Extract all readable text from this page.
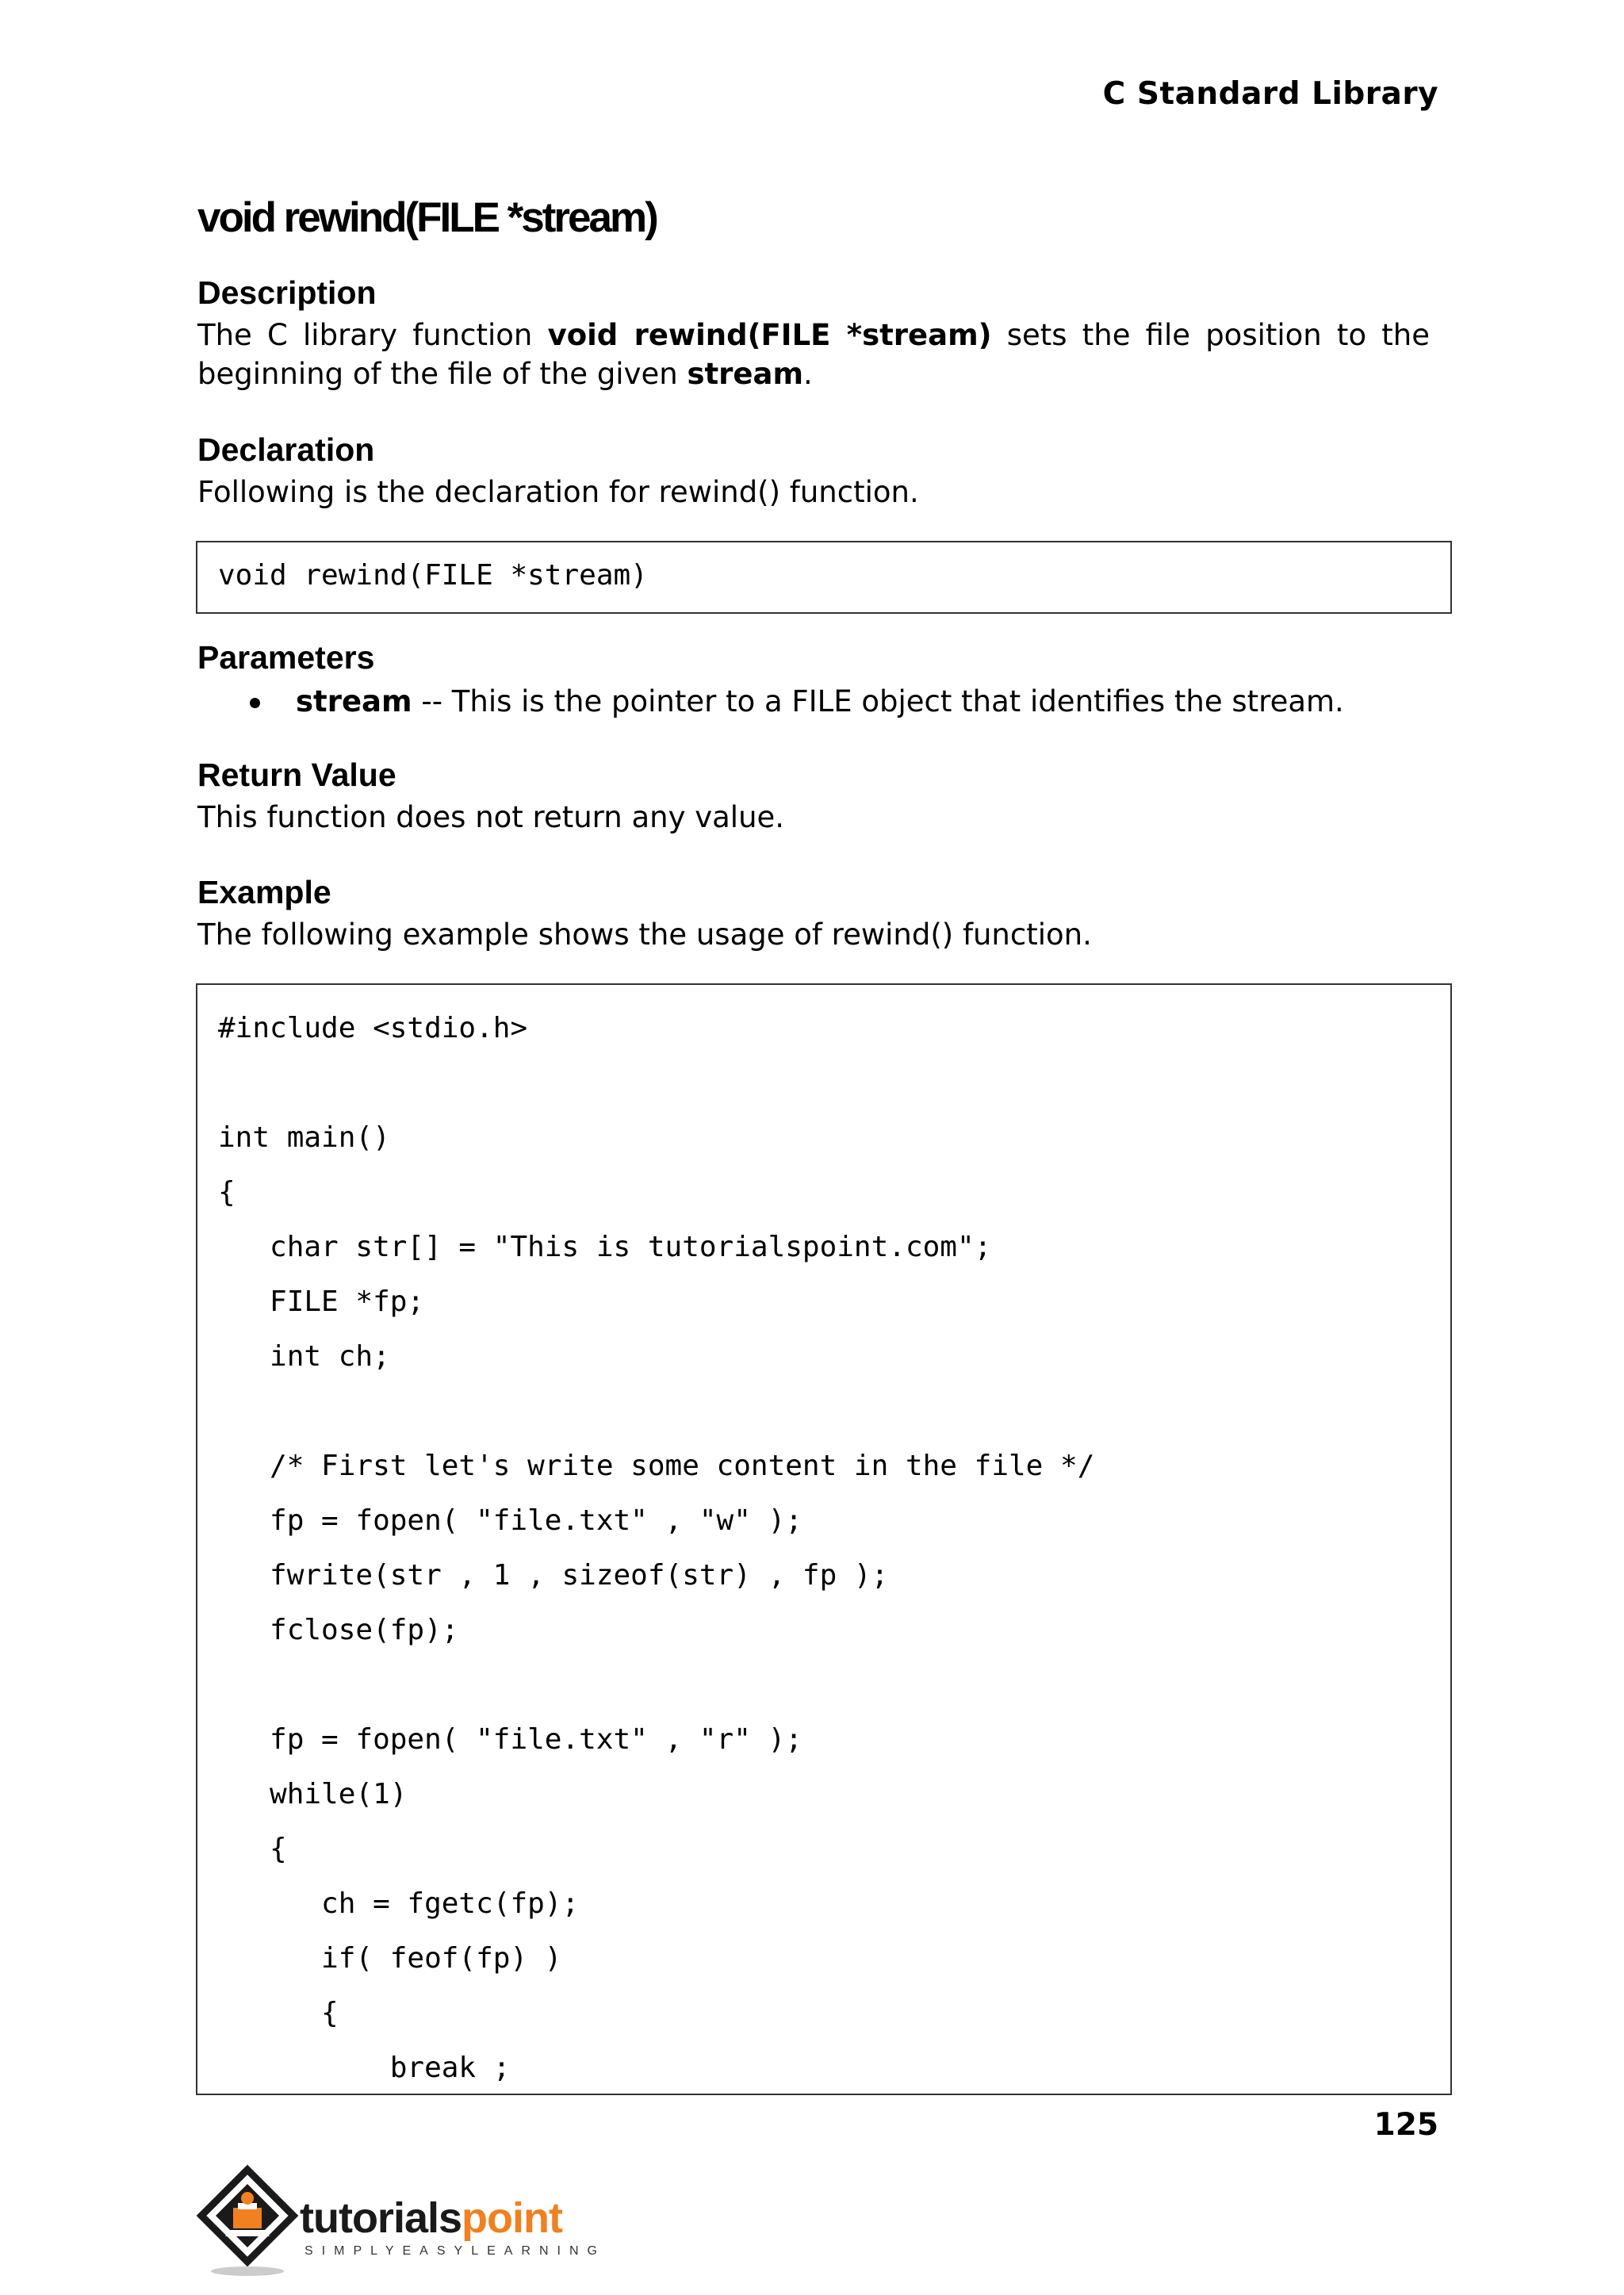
C Standard Library
void rewind(FILE *stream)
Description
The C library function void rewind(FILE *stream) sets the file position to the beginning of the file of the given stream.
Declaration
Following is the declaration for rewind() function.
void rewind(FILE *stream)
Parameters
stream -- This is the pointer to a FILE object that identifies the stream.
Return Value
This function does not return any value.
Example
The following example shows the usage of rewind() function.
#include <stdio.h>
int main()
{
char str[] = "This is tutorialspoint.com";
FILE *fp;
int ch;
/* First let's write some content in the file */
fp = fopen( "file.txt" , "w" );
fwrite(str , 1 , sizeof(str) , fp );
fclose(fp);
fp = fopen( "file.txt" , "r" );
while(1)
{
ch = fgetc(fp);
if( feof(fp) )
{
break ;
125
tutorialspoint
SIMPLYEASYLEARNING
